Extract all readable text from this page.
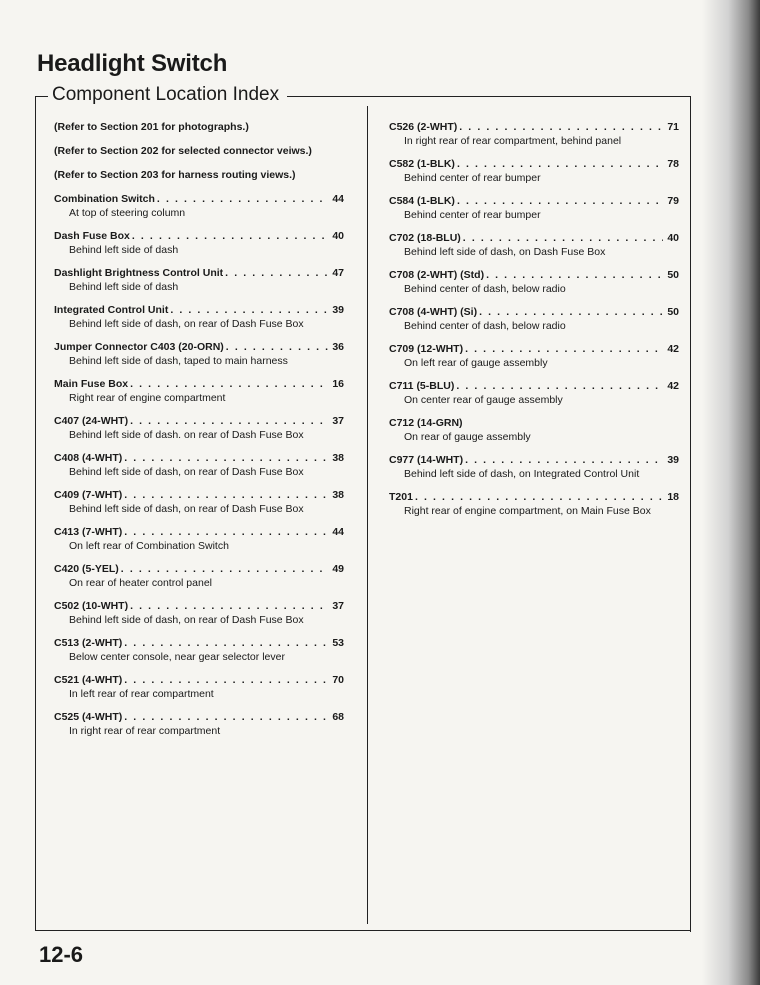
Headlight Switch
Component Location Index

(Refer to Section 201 for photographs.)

(Refer to Section 202 for selected connector veiws.)

(Refer to Section 203 for harness routing views.)

Combination Switch . . .	44
At top of steering column
Dash Fuse Box . . .	40
Behind left side of dash
Dashlight Brightness Control Unit . . .	47
Behind left side of dash
Integrated Control Unit . . .	39
Behind left side of dash, on rear of Dash Fuse Box
Jumper Connector C403 (20-ORN) . . .	36
Behind left side of dash, taped to main harness
Main Fuse Box . . .	16
Right rear of engine compartment
C407 (24-WHT) . . .	37
Behind left side of dash. on rear of Dash Fuse Box
C408 (4-WHT) . . .	38
Behind left side of dash, on rear of Dash Fuse Box
C409 (7-WHT) . . .	38
Behind left side of dash, on rear of Dash Fuse Box
C413 (7-WHT) . . .	44
On left rear of Combination Switch
C420 (5-YEL) . . .	49
On rear of heater control panel
C502 (10-WHT) . . .	37
Behind left side of dash, on rear of Dash Fuse Box
C513 (2-WHT) . . .	53
Below center console, near gear selector lever
C521 (4-WHT) . . .	70
In left rear of rear compartment
C525 (4-WHT) . . .	68
In right rear of rear compartment
C526 (2-WHT) . . .	71
In right rear of rear compartment, behind panel
C582 (1-BLK) . . .	78
Behind center of rear bumper
C584 (1-BLK) . . .	79
Behind center of rear bumper
C702 (18-BLU) . . .	40
Behind left side of dash, on Dash Fuse Box
C708 (2-WHT) (Std) . . .	50
Behind center of dash, below radio
C708 (4-WHT) (Si) . . .	50
Behind center of dash, below radio
C709 (12-WHT) . . .	42
On left rear of gauge assembly
C711 (5-BLU) . . .	42
On center rear of gauge assembly
C712 (14-GRN)
On rear of gauge assembly
C977 (14-WHT) . . .	39
Behind left side of dash, on Integrated Control Unit
T201 . . .	18
Right rear of engine compartment, on Main Fuse Box

12-6
